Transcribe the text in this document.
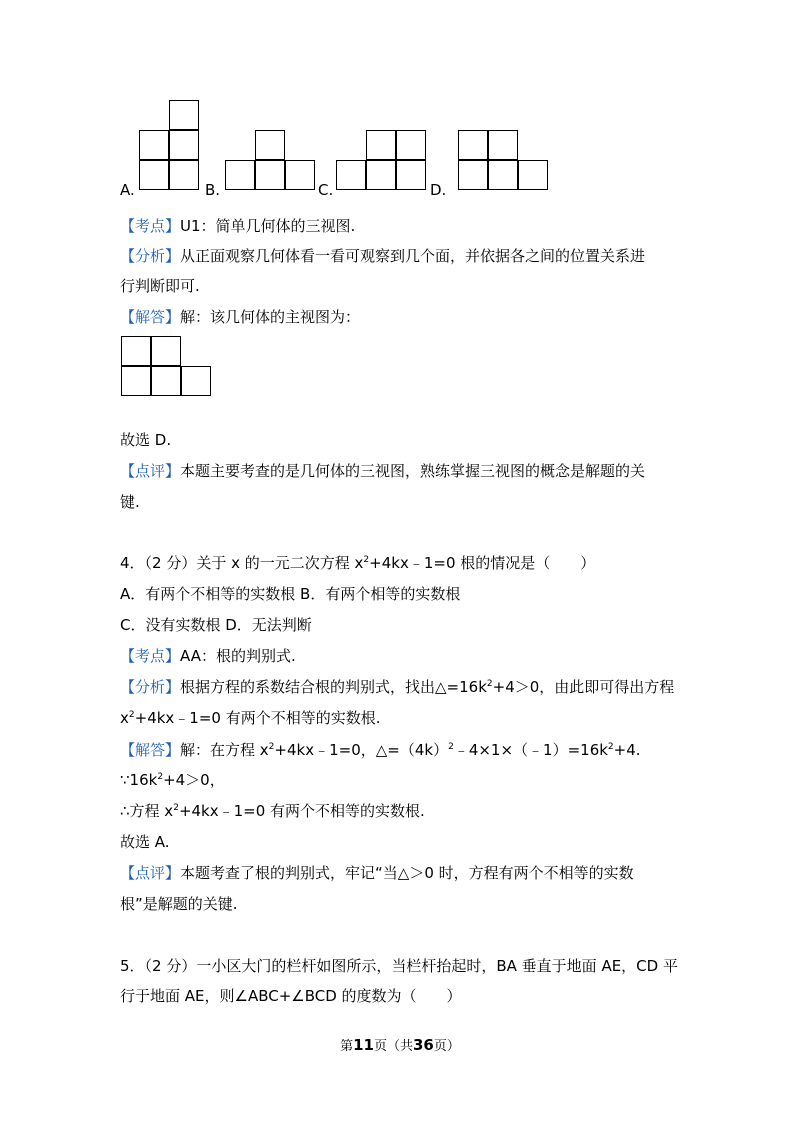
A.	B.	C.	D.
【考点】U1：简单几何体的三视图.
【分析】从正面观察几何体看一看可观察到几个面，并依据各之间的位置关系进
行判断即可.
【解答】解：该几何体的主视图为：
故选 D.
【点评】本题主要考查的是几何体的三视图，熟练掌握三视图的概念是解题的关
键.
4．（2 分）关于 x 的一元二次方程 $x^2+4kx﹣1=0$ 根的情况是（　　）
A．有两个不相等的实数根 B．有两个相等的实数根
C．没有实数根 D．无法判断
【考点】AA：根的判别式.
【分析】根据方程的系数结合根的判别式，找出$\triangle=16k^2+4>0$，由此即可得出方程
$x^2+4kx﹣1=0$ 有两个不相等的实数根.
【解答】解：在方程 $x^2+4kx﹣1=0$，$\triangle=(4k)^2﹣4\times 1\times(﹣1)=16k^2+4$.
$\because 16k^2+4>0$，
∴方程 $x^2+4kx﹣1=0$ 有两个不相等的实数根.
故选 A.
【点评】本题考查了根的判别式，牢记“当△＞0 时，方程有两个不相等的实数
根”是解题的关键.
5．（2 分）一小区大门的栏杆如图所示，当栏杆抬起时，BA 垂直于地面 AE，CD 平
行于地面 AE，则∠ABC+∠BCD 的度数为（　　）
第11页（共36页）
